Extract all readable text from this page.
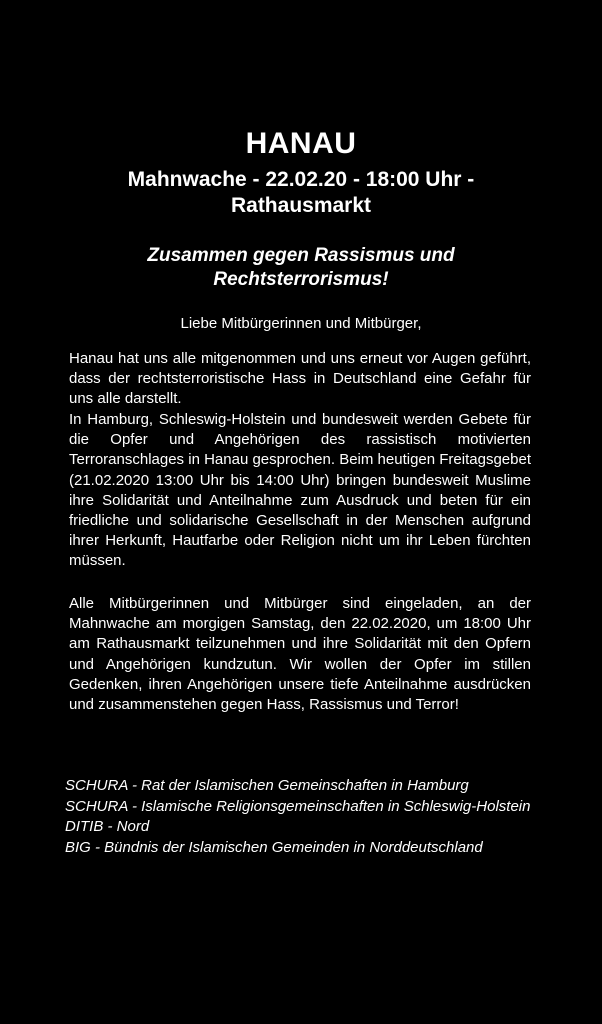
HANAU
Mahnwache - 22.02.20 - 18:00 Uhr - Rathausmarkt
Zusammen gegen Rassismus und Rechtsterrorismus!
Liebe Mitbürgerinnen und Mitbürger,
Hanau hat uns alle mitgenommen und uns erneut vor Augen geführt, dass der rechtsterroristische Hass in Deutschland eine Gefahr für uns alle darstellt.
In Hamburg, Schleswig-Holstein und bundesweit werden Gebete für die Opfer und Angehörigen des rassistisch motivierten Terroranschlages in Hanau gesprochen. Beim heutigen Freitagsgebet (21.02.2020 13:00 Uhr bis 14:00 Uhr) bringen bundesweit Muslime ihre Solidarität und Anteilnahme zum Ausdruck und beten für ein friedliche und solidarische Gesellschaft in der Menschen aufgrund ihrer Herkunft, Hautfarbe oder Religion nicht um ihr Leben fürchten müssen.
Alle Mitbürgerinnen und Mitbürger sind eingeladen, an der Mahnwache am morgigen Samstag, den 22.02.2020, um 18:00 Uhr am Rathausmarkt teilzunehmen und ihre Solidarität mit den Opfern und Angehörigen kundzutun. Wir wollen der Opfer im stillen Gedenken, ihren Angehörigen unsere tiefe Anteilnahme ausdrücken und zusammenstehen gegen Hass, Rassismus und Terror!
SCHURA - Rat der Islamischen Gemeinschaften in Hamburg
SCHURA - Islamische Religionsgemeinschaften in Schleswig-Holstein
DITIB - Nord
BIG - Bündnis der Islamischen Gemeinden in Norddeutschland
